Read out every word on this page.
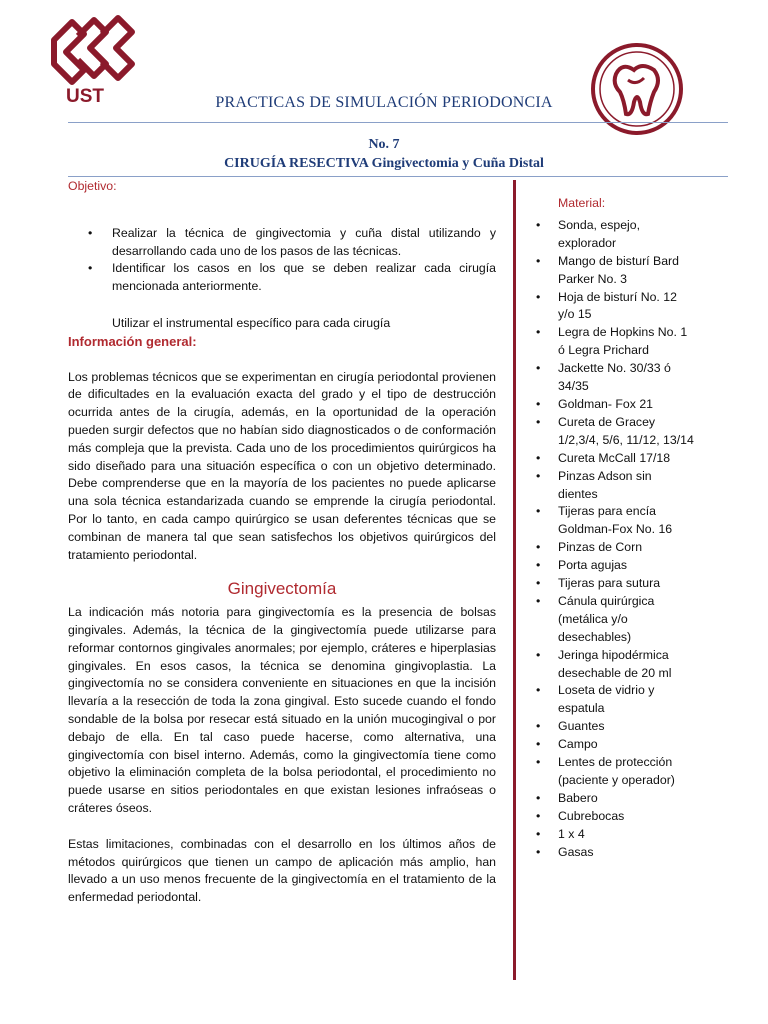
UST	PRACTICAS DE SIMULACIÓN PERIODONCIA
No. 7
CIRUGÍA RESECTIVA Gingivectomia y Cuña Distal
Objetivo:
• Realizar la técnica de gingivectomia y cuña distal utilizando y desarrollando cada uno de los pasos de las técnicas.
• Identificar los casos en los que se deben realizar cada cirugía mencionada anteriormente.
Utilizar el instrumental específico para cada cirugía
Información general:

Los problemas técnicos que se experimentan en cirugía periodontal provienen de dificultades en la evaluación exacta del grado y el tipo de destrucción ocurrida antes de la cirugía, además, en la oportunidad de la operación pueden surgir defectos que no habían sido diagnosticados o de conformación más compleja que la prevista. Cada uno de los procedimientos quirúrgicos ha sido diseñado para una situación específica o con un objetivo determinado. Debe comprenderse que en la mayoría de los pacientes no puede aplicarse una sola técnica estandarizada cuando se emprende la cirugía periodontal. Por lo tanto, en cada campo quirúrgico se usan deferentes técnicas que se combinan de manera tal que sean satisfechos los objetivos quirúrgicos del tratamiento periodontal.

Gingivectomía

La indicación más notoria para gingivectomía es la presencia de bolsas gingivales. Además, la técnica de la gingivectomía puede utilizarse para reformar contornos gingivales anormales; por ejemplo, cráteres e hiperplasias gingivales. En esos casos, la técnica se denomina gingivoplastia. La gingivectomía no se considera conveniente en situaciones en que la incisión llevaría a la resección de toda la zona gingival. Esto sucede cuando el fondo sondable de la bolsa por resecar está situado en la unión mucogingival o por debajo de ella. En tal caso puede hacerse, como alternativa, una gingivectomía con bisel interno. Además, como la gingivectomía tiene como objetivo la eliminación completa de la bolsa periodontal, el procedimiento no puede usarse en sitios periodontales en que existan lesiones infraóseas o cráteres óseos.

Estas limitaciones, combinadas con el desarrollo en los últimos años de métodos quirúrgicos que tienen un campo de aplicación más amplio, han llevado a un uso menos frecuente de la gingivectomía en el tratamiento de la enfermedad periodontal.

Material:
• Sonda, espejo, explorador
• Mango de bisturí Bard Parker No. 3
• Hoja de bisturí No. 12 y/o 15
• Legra de Hopkins No. 1 ó Legra Prichard
• Jackette No. 30/33 ó 34/35
• Goldman- Fox 21
• Cureta de Gracey 1/2,3/4, 5/6, 11/12, 13/14
• Cureta McCall 17/18
• Pinzas Adson sin dientes
• Tijeras para encía Goldman-Fox No. 16
• Pinzas de Corn
• Porta agujas
• Tijeras para sutura
• Cánula quirúrgica (metálica y/o desechables)
• Jeringa hipodérmica desechable de 20 ml
• Loseta de vidrio y espatula
• Guantes
• Campo
• Lentes de protección (paciente y operador)
• Babero
• Cubrebocas
• 1 x 4
• Gasas
